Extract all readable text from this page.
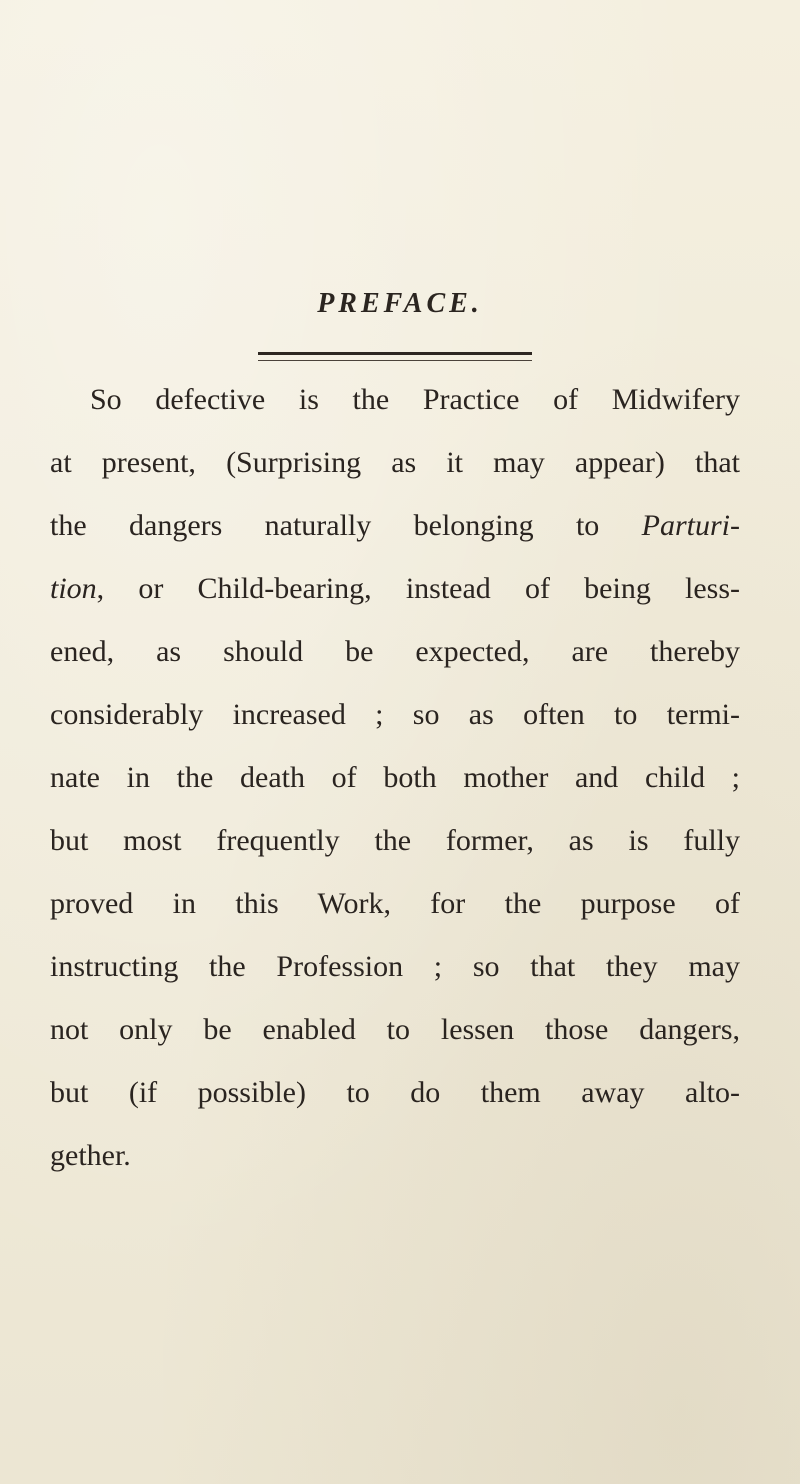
PREFACE.
So defective is the Practice of Midwifery
at present, (Surprising as it may appear) that
the dangers naturally belonging to Parturi-
tion, or Child-bearing, instead of being less-
ened, as should be expected, are thereby
considerably increased ; so as often to termi-
nate in the death of both mother and child ;
but most frequently the former, as is fully
proved in this Work, for the purpose of
instructing the Profession ; so that they may
not only be enabled to lessen those dangers,
but (if possible) to do them away alto-
gether.
